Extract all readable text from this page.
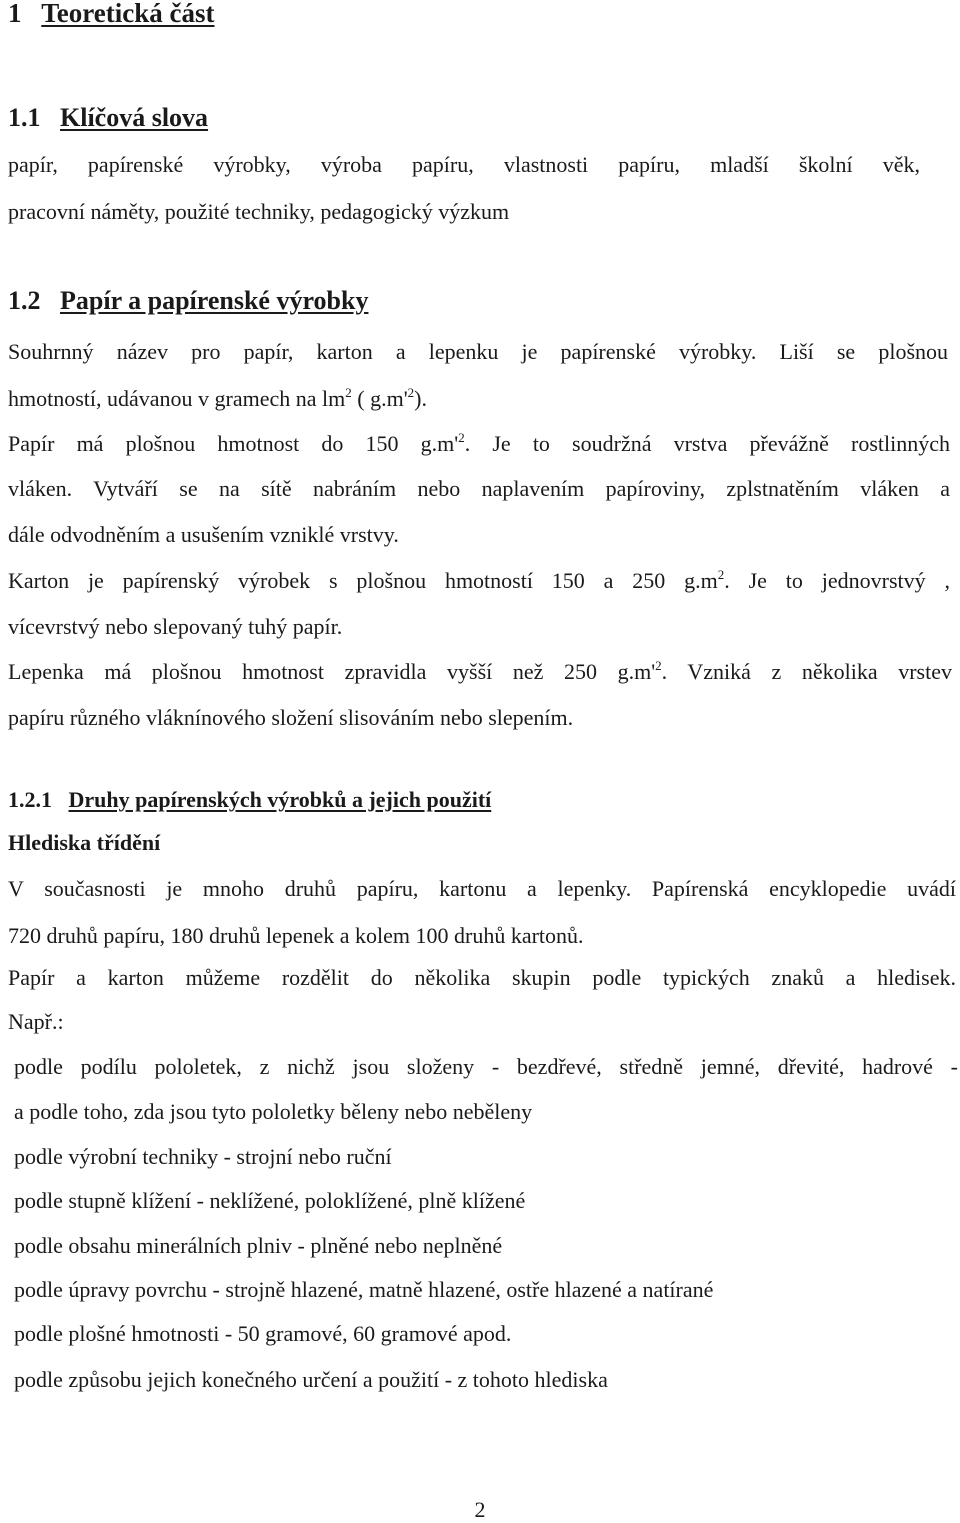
1 Teoretická část
1.1 Klíčová slova
papír, papírenské výrobky, výroba papíru, vlastnosti papíru, mladší školní věk,
pracovní náměty, použité techniky, pedagogický výzkum
1.2 Papír a papírenské výrobky
Souhrnný název pro papír, karton a lepenku je papírenské výrobky. Liší se plošnou
hmotností, udávanou v gramech na $lm^2$ ( $g.m'^2$).
Papír má plošnou hmotnost do 150 $g.m'^2$. Je to soudržná vrstva převážně rostlinných
vláken. Vytváří se na sítě nabráním nebo naplavením papíroviny, zplstnatěním vláken a
dále odvodněním a usušením vzniklé vrstvy.
Karton je papírenský výrobek s plošnou hmotností 150 a 250 $g.m^2$. Je to jednovrstvý ,
vícevrstvý nebo slepovaný tuhý papír.
Lepenka má plošnou hmotnost zpravidla vyšší než 250 $g.m'^2$. Vzniká z několika vrstev
papíru různého vláknínového složení slisováním nebo slepením.
1.2.1 Druhy papírenských výrobků a jejich použití
Hlediska třídění
V současnosti je mnoho druhů papíru, kartonu a lepenky. Papírenská encyklopedie uvádí
720 druhů papíru, 180 druhů lepenek a kolem 100 druhů kartonů.
Papír a karton můžeme rozdělit do několika skupin podle typických znaků a hledisek.
Např.:
podle podílu pololetek, z nichž jsou složeny - bezdřevé, středně jemné, dřevité, hadrové -
a podle toho, zda jsou tyto pololetky běleny nebo neběleny
podle výrobní techniky - strojní nebo ruční
podle stupně klížení - neklížené, poloklížené, plně klížené
podle obsahu minerálních plniv - plněné nebo neplněné
podle úpravy povrchu - strojně hlazené, matně hlazené, ostře hlazené a natírané
podle plošné hmotnosti - 50 gramové, 60 gramové apod.
podle způsobu jejich konečného určení a použití - z tohoto hlediska
2
